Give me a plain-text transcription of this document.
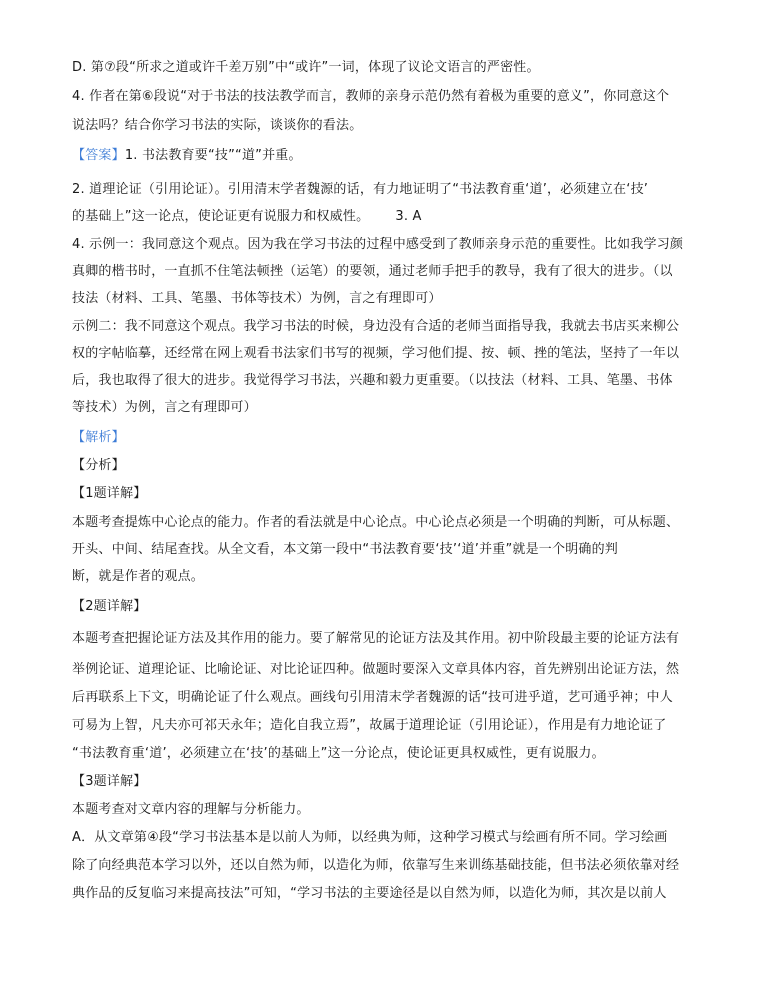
D. 第⑦段“所求之道或许千差万别”中“或许”一词，体现了议论文语言的严密性。
4. 作者在第⑥段说“对于书法的技法教学而言，教师的亲身示范仍然有着极为重要的意义”，你同意这个
说法吗？结合你学习书法的实际，谈谈你的看法。
【答案】1. 书法教育要“技”“道”并重。
2. 道理论证（引用论证）。引用清末学者魏源的话，有力地证明了“书法教育重‘道’，必须建立在‘技’
的基础上”这一论点，使论证更有说服力和权威性。 3. A
4. 示例一：我同意这个观点。因为我在学习书法的过程中感受到了教师亲身示范的重要性。比如我学习颜
真卿的楷书时，一直抓不住笔法顿挫（运笔）的要领，通过老师手把手的教导，我有了很大的进步。（以
技法（材料、工具、笔墨、书体等技术）为例，言之有理即可）
示例二：我不同意这个观点。我学习书法的时候，身边没有合适的老师当面指导我，我就去书店买来柳公
权的字帖临摹，还经常在网上观看书法家们书写的视频，学习他们提、按、顿、挫的笔法，坚持了一年以
后，我也取得了很大的进步。我觉得学习书法，兴趣和毅力更重要。（以技法（材料、工具、笔墨、书体
等技术）为例，言之有理即可）
【解析】
【分析】
【1题详解】
本题考查提炼中心论点的能力。作者的看法就是中心论点。中心论点必须是一个明确的判断，可从标题、
开头、中间、结尾查找。从全文看，本文第一段中“书法教育要‘技’‘道’并重”就是一个明确的判
断，就是作者的观点。
【2题详解】
本题考查把握论证方法及其作用的能力。要了解常见的论证方法及其作用。初中阶段最主要的论证方法有
举例论证、道理论证、比喻论证、对比论证四种。做题时要深入文章具体内容，首先辨别出论证方法，然
后再联系上下文，明确论证了什么观点。画线句引用清末学者魏源的话“技可进乎道，艺可通乎神；中人
可易为上智，凡夫亦可祁天永年；造化自我立焉”，故属于道理论证（引用论证），作用是有力地论证了
“书法教育重‘道’，必须建立在‘技’的基础上”这一分论点，使论证更具权威性，更有说服力。
【3题详解】
本题考查对文章内容的理解与分析能力。
A．从文章第④段“学习书法基本是以前人为师，以经典为师，这种学习模式与绘画有所不同。学习绘画
除了向经典范本学习以外，还以自然为师，以造化为师，依靠写生来训练基础技能，但书法必须依靠对经
典作品的反复临习来提高技法”可知，“学习书法的主要途径是以自然为师，以造化为师，其次是以前人
